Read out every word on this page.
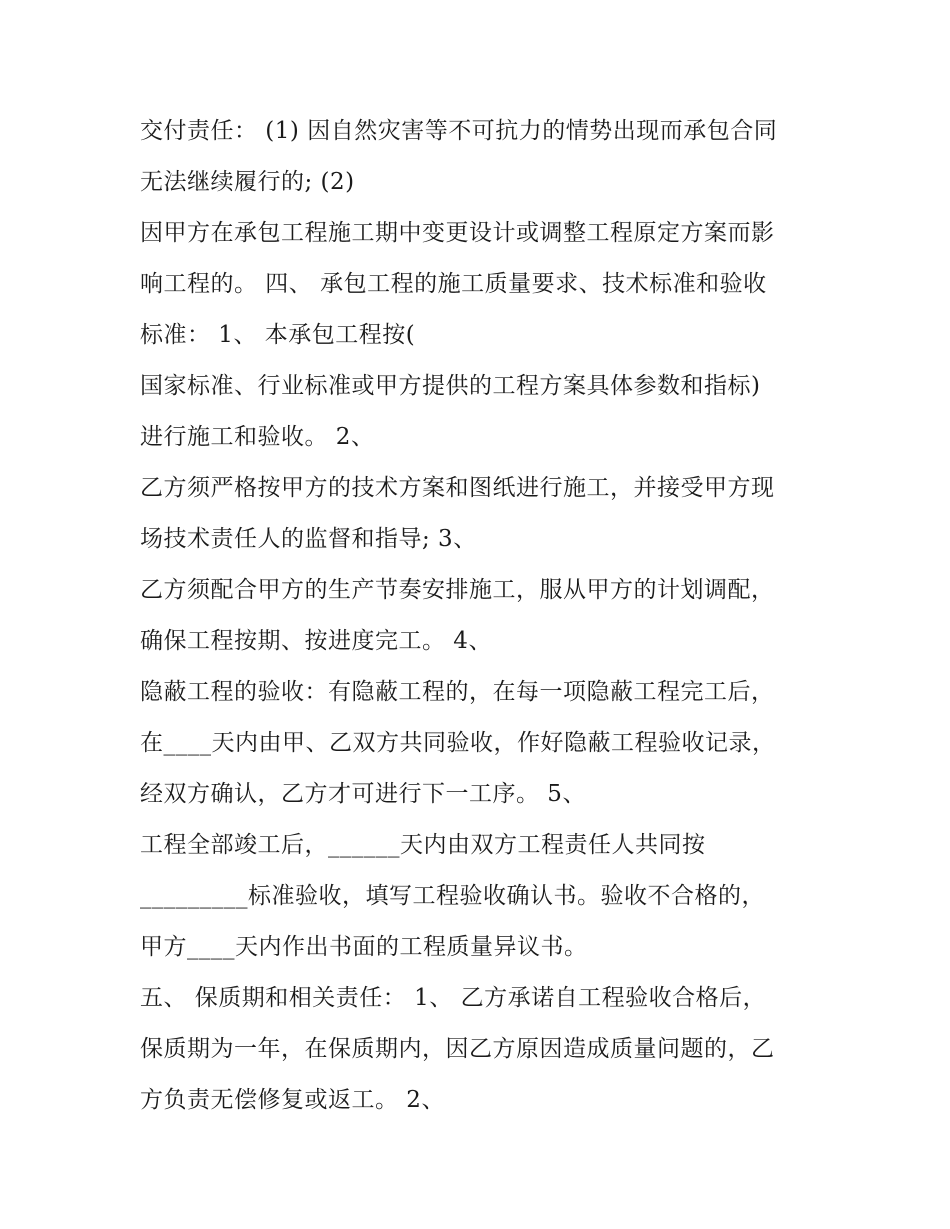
交付责任： (1) 因自然灾害等不可抗力的情势出现而承包合同
无法继续履行的; (2)
因甲方在承包工程施工期中变更设计或调整工程原定方案而影
响工程的。 四、 承包工程的施工质量要求、技术标准和验收
标准： 1、 本承包工程按(
国家标准、行业标准或甲方提供的工程方案具体参数和指标)
进行施工和验收。 2、
乙方须严格按甲方的技术方案和图纸进行施工，并接受甲方现
场技术责任人的监督和指导; 3、
乙方须配合甲方的生产节奏安排施工，服从甲方的计划调配，
确保工程按期、按进度完工。 4、
隐蔽工程的验收：有隐蔽工程的，在每一项隐蔽工程完工后，
在____天内由甲、乙双方共同验收，作好隐蔽工程验收记录，
经双方确认，乙方才可进行下一工序。 5、
工程全部竣工后，______天内由双方工程责任人共同按
_________标准验收，填写工程验收确认书。验收不合格的，
甲方____天内作出书面的工程质量异议书。
五、 保质期和相关责任： 1、 乙方承诺自工程验收合格后，
保质期为一年，在保质期内，因乙方原因造成质量问题的，乙
方负责无偿修复或返工。 2、
